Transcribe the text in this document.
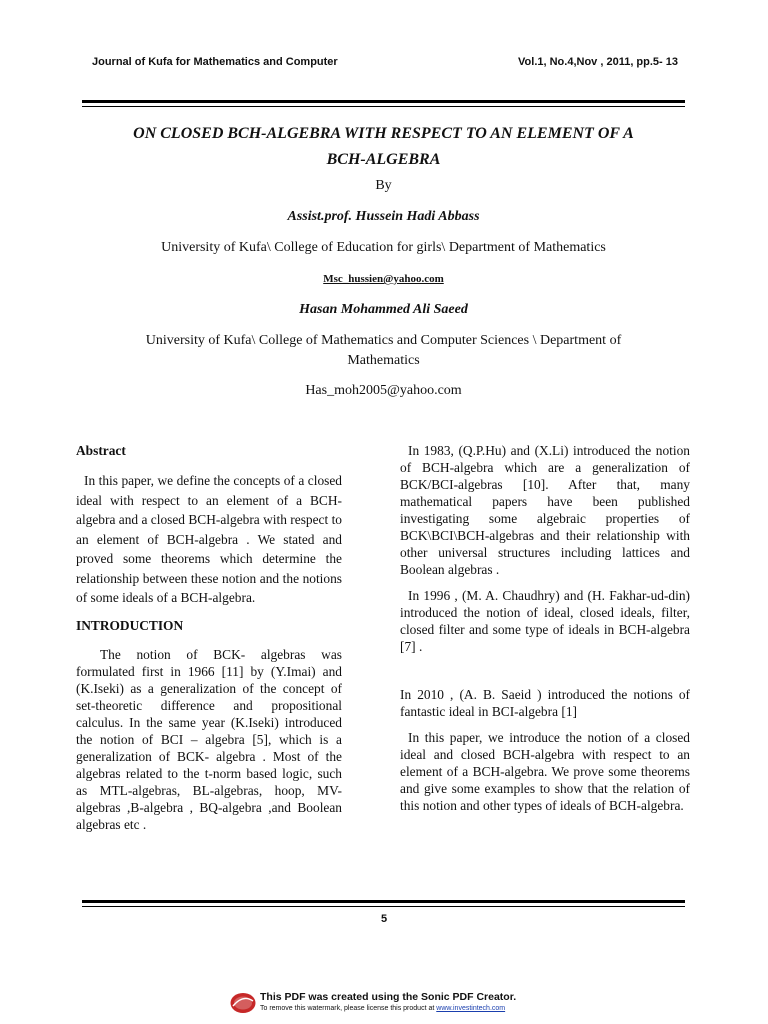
Journal of Kufa for Mathematics and Computer	Vol.1, No.4,Nov , 2011, pp.5- 13
ON CLOSED BCH-ALGEBRA WITH RESPECT TO AN ELEMENT OF A
BCH-ALGEBRA
By
Assist.prof. Hussein Hadi Abbass
University of Kufa\ College of Education for girls\ Department of Mathematics
Msc_hussien@yahoo.com
Hasan Mohammed Ali Saeed
University of Kufa\ College of Mathematics and Computer Sciences \ Department of
Mathematics
Has_moh2005@yahoo.com
Abstract
In this paper, we define the concepts of a closed ideal with respect to an element of a BCH-algebra and a closed BCH-algebra with respect to an element of BCH-algebra . We stated and proved some theorems which determine the relationship between these notion and the notions of some ideals of a BCH-algebra.
INTRODUCTION
The notion of BCK- algebras was formulated first in 1966 [11] by (Y.Imai) and (K.Iseki) as a generalization of the concept of set-theoretic difference and propositional calculus. In the same year (K.Iseki) introduced the notion of BCI – algebra [5], which is a generalization of BCK- algebra . Most of the algebras related to the t-norm based logic, such as MTL-algebras, BL-algebras, hoop, MV-algebras ,B-algebra , BQ-algebra ,and Boolean algebras etc .
In 1983, (Q.P.Hu) and (X.Li) introduced the notion of BCH-algebra which are a generalization of BCK/BCI-algebras [10]. After that, many mathematical papers have been published investigating some algebraic properties of BCK\BCI\BCH-algebras and their relationship with other universal structures including lattices and Boolean algebras .
In 1996 , (M. A. Chaudhry) and (H. Fakhar-ud-din) introduced the notion of ideal, closed ideals, filter, closed filter and some type of ideals in BCH-algebra [7] .
In 2010 , (A. B. Saeid ) introduced the notions of fantastic ideal in BCI-algebra [1]
In this paper, we introduce the notion of a closed ideal and closed BCH-algebra with respect to an element of a BCH-algebra. We prove some theorems and give some examples to show that the relation of this notion and other types of ideals of BCH-algebra.
5
This PDF was created using the Sonic PDF Creator.
To remove this watermark, please license this product at www.investintech.com
